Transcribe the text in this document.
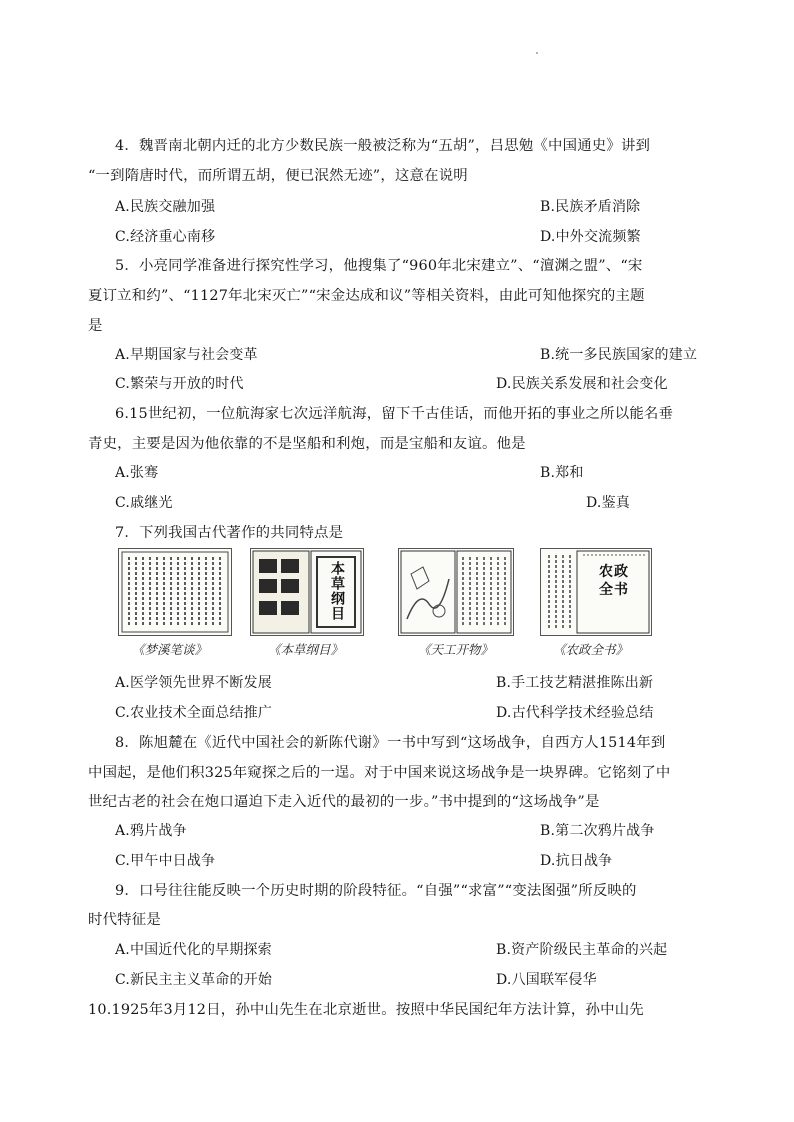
4．魏晋南北朝内迁的北方少数民族一般被泛称为“五胡”，吕思勉《中国通史》讲到
“一到隋唐时代，而所谓五胡，便已泯然无迹”，这意在说明
A.民族交融加强	B.民族矛盾消除
C.经济重心南移	D.中外交流频繁
5．小亮同学准备进行探究性学习，他搜集了“960年北宋建立”、“澶渊之盟”、“宋
夏订立和约”、“1127年北宋灭亡”“宋金达成和议”等相关资料，由此可知他探究的主题
是
A.早期国家与社会变革	B.统一多民族国家的建立
C.繁荣与开放的时代	D.民族关系发展和社会变化
6.15世纪初，一位航海家七次远洋航海，留下千古佳话，而他开拓的事业之所以能名垂
青史，主要是因为他依靠的不是坚船和利炮，而是宝船和友谊。他是
A.张骞	B.郑和
C.戚继光	D.鉴真
7．下列我国古代著作的共同特点是
《梦溪笔谈》
本草纲目
《本草纲目》	《天工开物》
农政全书
《农政全书》
A.医学领先世界不断发展	B.手工技艺精湛推陈出新
C.农业技术全面总结推广	D.古代科学技术经验总结
8．陈旭麓在《近代中国社会的新陈代谢》一书中写到“这场战争，自西方人1514年到
中国起，是他们积325年窥探之后的一逞。对于中国来说这场战争是一块界碑。它铭刻了中
世纪古老的社会在炮口逼迫下走入近代的最初的一步。”书中提到的“这场战争”是
A.鸦片战争	B.第二次鸦片战争
C.甲午中日战争	D.抗日战争
9．口号往往能反映一个历史时期的阶段特征。“自强”“求富”“变法图强”所反映的
时代特征是
A.中国近代化的早期探索	B.资产阶级民主革命的兴起
C.新民主主义革命的开始	D.八国联军侵华
10.1925年3月12日，孙中山先生在北京逝世。按照中华民国纪年方法计算，孙中山先
